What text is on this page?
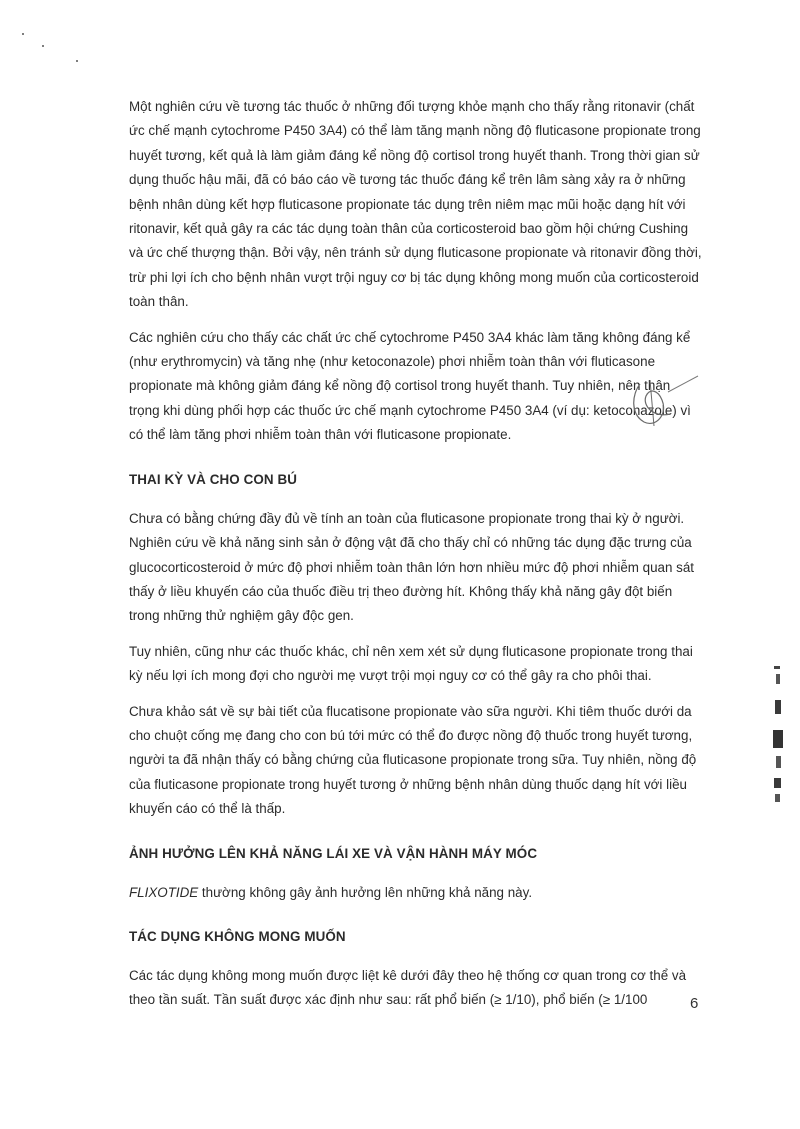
Một nghiên cứu về tương tác thuốc ở những đối tượng khỏe mạnh cho thấy rằng ritonavir (chất ức chế mạnh cytochrome P450 3A4) có thể làm tăng mạnh nồng độ fluticasone propionate trong huyết tương, kết quả là làm giảm đáng kể nồng độ cortisol trong huyết thanh. Trong thời gian sử dụng thuốc hậu mãi, đã có báo cáo về tương tác thuốc đáng kể trên lâm sàng xảy ra ở những bệnh nhân dùng kết hợp fluticasone propionate tác dụng trên niêm mạc mũi hoặc dạng hít với ritonavir, kết quả gây ra các tác dụng toàn thân của corticosteroid bao gồm hội chứng Cushing và ức chế thượng thận. Bởi vậy, nên tránh sử dụng fluticasone propionate và ritonavir đồng thời, trừ phi lợi ích cho bệnh nhân vượt trội nguy cơ bị tác dụng không mong muốn của corticosteroid toàn thân.

Các nghiên cứu cho thấy các chất ức chế cytochrome P450 3A4 khác làm tăng không đáng kể (như erythromycin) và tăng nhẹ (như ketoconazole) phơi nhiễm toàn thân với fluticasone propionate mà không giảm đáng kể nồng độ cortisol trong huyết thanh. Tuy nhiên, nên thận trọng khi dùng phối hợp các thuốc ức chế mạnh cytochrome P450 3A4 (ví dụ: ketoconazole) vì có thể làm tăng phơi nhiễm toàn thân với fluticasone propionate.

THAI KỲ VÀ CHO CON BÚ

Chưa có bằng chứng đầy đủ về tính an toàn của fluticasone propionate trong thai kỳ ở người. Nghiên cứu về khả năng sinh sản ở động vật đã cho thấy chỉ có những tác dụng đặc trưng của glucocorticosteroid ở mức độ phơi nhiễm toàn thân lớn hơn nhiều mức độ phơi nhiễm quan sát thấy ở liều khuyến cáo của thuốc điều trị theo đường hít. Không thấy khả năng gây đột biến trong những thử nghiệm gây độc gen.

Tuy nhiên, cũng như các thuốc khác, chỉ nên xem xét sử dụng fluticasone propionate trong thai kỳ nếu lợi ích mong đợi cho người mẹ vượt trội mọi nguy cơ có thể gây ra cho phôi thai.

Chưa khảo sát về sự bài tiết của flucatisone propionate vào sữa người. Khi tiêm thuốc dưới da cho chuột cống mẹ đang cho con bú tới mức có thể đo được nồng độ thuốc trong huyết tương, người ta đã nhận thấy có bằng chứng của fluticasone propionate trong sữa. Tuy nhiên, nồng độ của fluticasone propionate trong huyết tương ở những bệnh nhân dùng thuốc dạng hít với liều khuyến cáo có thể là thấp.

ẢNH HƯỞNG LÊN KHẢ NĂNG LÁI XE VÀ VẬN HÀNH MÁY MÓC

FLIXOTIDE thường không gây ảnh hưởng lên những khả năng này.

TÁC DỤNG KHÔNG MONG MUỐN

Các tác dụng không mong muốn được liệt kê dưới đây theo hệ thống cơ quan trong cơ thể và theo tần suất. Tần suất được xác định như sau: rất phổ biến (≥ 1/10), phổ biến (≥ 1/100	6
